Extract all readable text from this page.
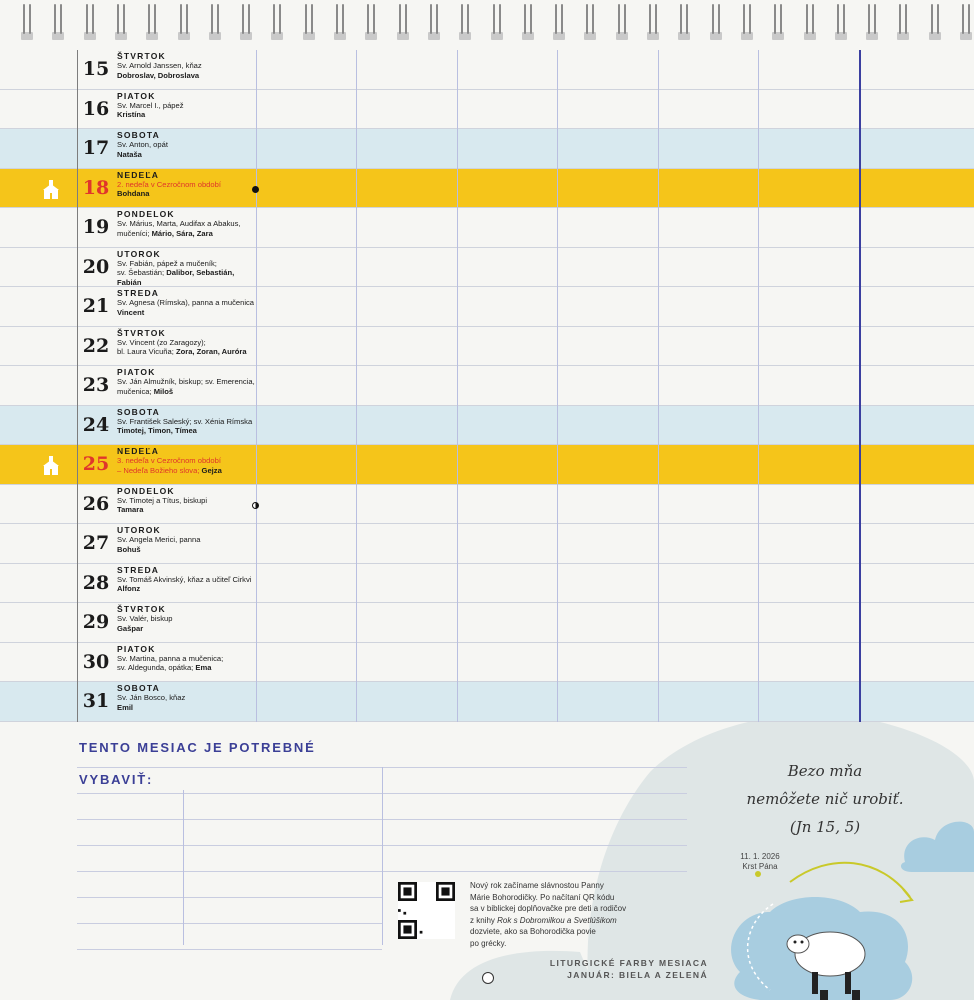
15
ŠTVRTOK
Sv. Arnold Janssen, kňaz
Dobroslav, Dobroslava
16
PIATOK
Sv. Marcel I., pápež
Kristína
17
SOBOTA
Sv. Anton, opát
Nataša
18
NEDEĽA
2. nedeľa v Cezročnom období
Bohdana
19
PONDELOK
Sv. Márius, Marta, Audifax a Abakus,
mučeníci; Mário, Sára, Zara
20
UTOROK
Sv. Fabián, pápež a mučeník;
sv. Šebastián; Dalibor, Sebastián, Fabián
21
STREDA
Sv. Agnesa (Rímska), panna a mučenica
Vincent
22
ŠTVRTOK
Sv. Vincent (zo Zaragozy);
bl. Laura Vicuña; Zora, Zoran, Auróra
23
PIATOK
Sv. Ján Almužník, biskup; sv. Emerencia,
mučenica; Miloš
24
SOBOTA
Sv. František Saleský; sv. Xénia Rímska
Timotej, Timon, Tímea
25
NEDEĽA
3. nedeľa v Cezročnom období
– Nedeľa Božieho slova; Gejza
26
PONDELOK
Sv. Timotej a Títus, biskupi
Tamara
27
UTOROK
Sv. Angela Merici, panna
Bohuš
28
STREDA
Sv. Tomáš Akvinský, kňaz a učiteľ Cirkvi
Alfonz
29
ŠTVRTOK
Sv. Valér, biskup
Gašpar
30
PIATOK
Sv. Martina, panna a mučenica;
sv. Aldegunda, opátka; Ema
31
SOBOTA
Sv. Ján Bosco, kňaz
Emil
TENTO MESIAC JE POTREBNÉ
VYBAVIŤ:
Nový rok začíname slávnostou Panny
Márie Bohorodičky. Po načítaní QR kódu
sa v biblickej doplňovačke pre deti a rodičov
z knihy Rok s Dobromilkou a Svetlúšikom
dozviete, ako sa Bohorodička povie
po grécky.
LITURGICKÉ FARBY MESIACA
JANUÁR: BIELA A ZELENÁ
Bezo mňa
nemôžete nič urobiť.
(Jn 15, 5)
11. 1. 2026
Krst Pána
